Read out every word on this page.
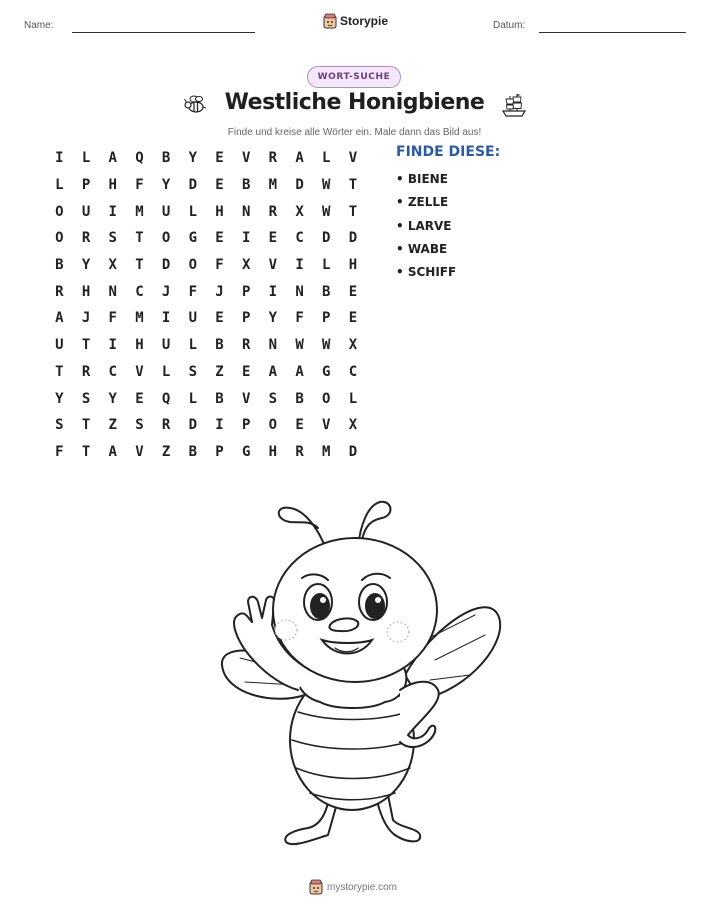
Name:	Storypie	Datum:
WORT-SUCHE
Westliche Honigbiene
Finde und kreise alle Wörter ein. Male dann das Bild aus!
I	L	A	Q	B	Y	E	V	R	A	L	V
L	P	H	F	Y	D	E	B	M	D	W	T
O	U	I	M	U	L	H	N	R	X	W	T
O	R	S	T	O	G	E	I	E	C	D	D
B	Y	X	T	D	O	F	X	V	I	L	H
R	H	N	C	J	F	J	P	I	N	B	E
A	J	F	M	I	U	E	P	Y	F	P	E
U	T	I	H	U	L	B	R	N	W	W	X
T	R	C	V	L	S	Z	E	A	A	G	C
Y	S	Y	E	Q	L	B	V	S	B	O	L
S	T	Z	S	R	D	I	P	O	E	V	X
F	T	A	V	Z	B	P	G	H	R	M	D
FINDE DIESE:
• BIENE
• ZELLE
• LARVE
• WABE
• SCHIFF
mystorypie.com
